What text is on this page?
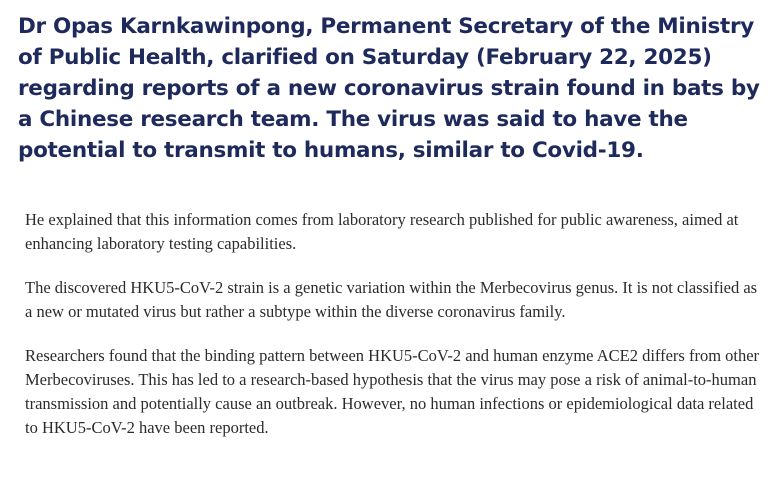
Dr Opas Karnkawinpong, Permanent Secretary of the Ministry of Public Health, clarified on Saturday (February 22, 2025) regarding reports of a new coronavirus strain found in bats by a Chinese research team. The virus was said to have the potential to transmit to humans, similar to Covid-19.

He explained that this information comes from laboratory research published for public awareness, aimed at enhancing laboratory testing capabilities.

The discovered HKU5-CoV-2 strain is a genetic variation within the Merbecovirus genus. It is not classified as a new or mutated virus but rather a subtype within the diverse coronavirus family.

Researchers found that the binding pattern between HKU5-CoV-2 and human enzyme ACE2 differs from other Merbecoviruses. This has led to a research-based hypothesis that the virus may pose a risk of animal-to-human transmission and potentially cause an outbreak. However, no human infections or epidemiological data related to HKU5-CoV-2 have been reported.
